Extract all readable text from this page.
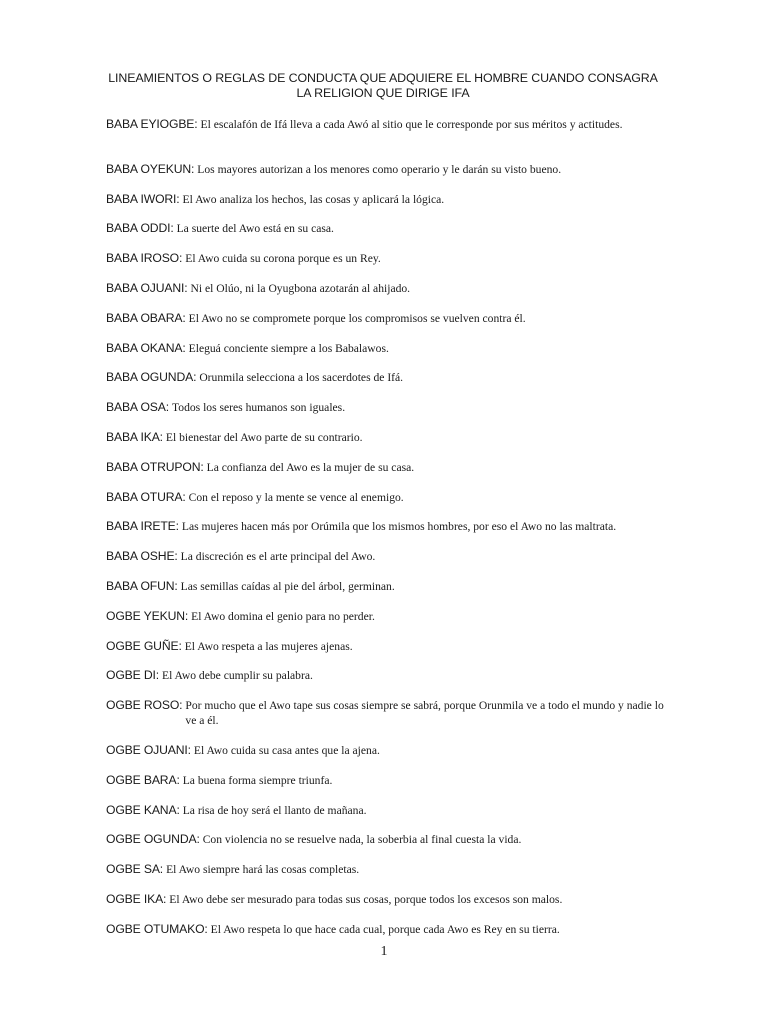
LINEAMIENTOS O REGLAS DE CONDUCTA QUE ADQUIERE EL HOMBRE CUANDO CONSAGRA LA RELIGION QUE DIRIGE IFA
BABA EYIOGBE: El escalafón de Ifá lleva a cada Awó al sitio que le corresponde por sus méritos y actitudes.
BABA OYEKUN: Los mayores autorizan a los menores como operario y le darán su visto bueno.
BABA IWORI: El Awo analiza los hechos, las cosas y aplicará la lógica.
BABA ODDI: La suerte del Awo está en su casa.
BABA IROSO: El Awo cuida su corona porque es un Rey.
BABA OJUANI: Ni el Olúo, ni la Oyugbona azotarán al ahijado.
BABA OBARA: El Awo no se compromete porque los compromisos se vuelven contra él.
BABA OKANA: Eleguá conciente siempre a los Babalawos.
BABA OGUNDA: Orunmila selecciona a los sacerdotes de Ifá.
BABA OSA: Todos los seres humanos son iguales.
BABA IKA: El bienestar del Awo parte de su contrario.
BABA OTRUPON: La confianza del Awo es la mujer de su casa.
BABA OTURA: Con el reposo y la mente se vence al enemigo.
BABA IRETE: Las mujeres hacen más por Orúmila que los mismos hombres, por eso el Awo no las maltrata.
BABA OSHE: La discreción es el arte principal del Awo.
BABA OFUN: Las semillas caídas al pie del árbol, germinan.
OGBE YEKUN: El Awo domina el genio para no perder.
OGBE GUÑE: El Awo respeta a las mujeres ajenas.
OGBE DI: El Awo debe cumplir su palabra.
OGBE ROSO: Por mucho que el Awo tape sus cosas siempre se sabrá, porque Orunmila ve a todo el mundo y nadie lo ve a él.
OGBE OJUANI: El Awo cuida su casa antes que la ajena.
OGBE BARA: La buena forma siempre triunfa.
OGBE KANA: La risa de hoy será el llanto de mañana.
OGBE OGUNDA: Con violencia no se resuelve nada, la soberbia al final cuesta la vida.
OGBE SA: El Awo siempre hará las cosas completas.
OGBE IKA: El Awo debe ser mesurado para todas sus cosas, porque todos los excesos son malos.
OGBE OTUMAKO: El Awo respeta lo que hace cada cual, porque cada Awo es Rey en su tierra.
1
